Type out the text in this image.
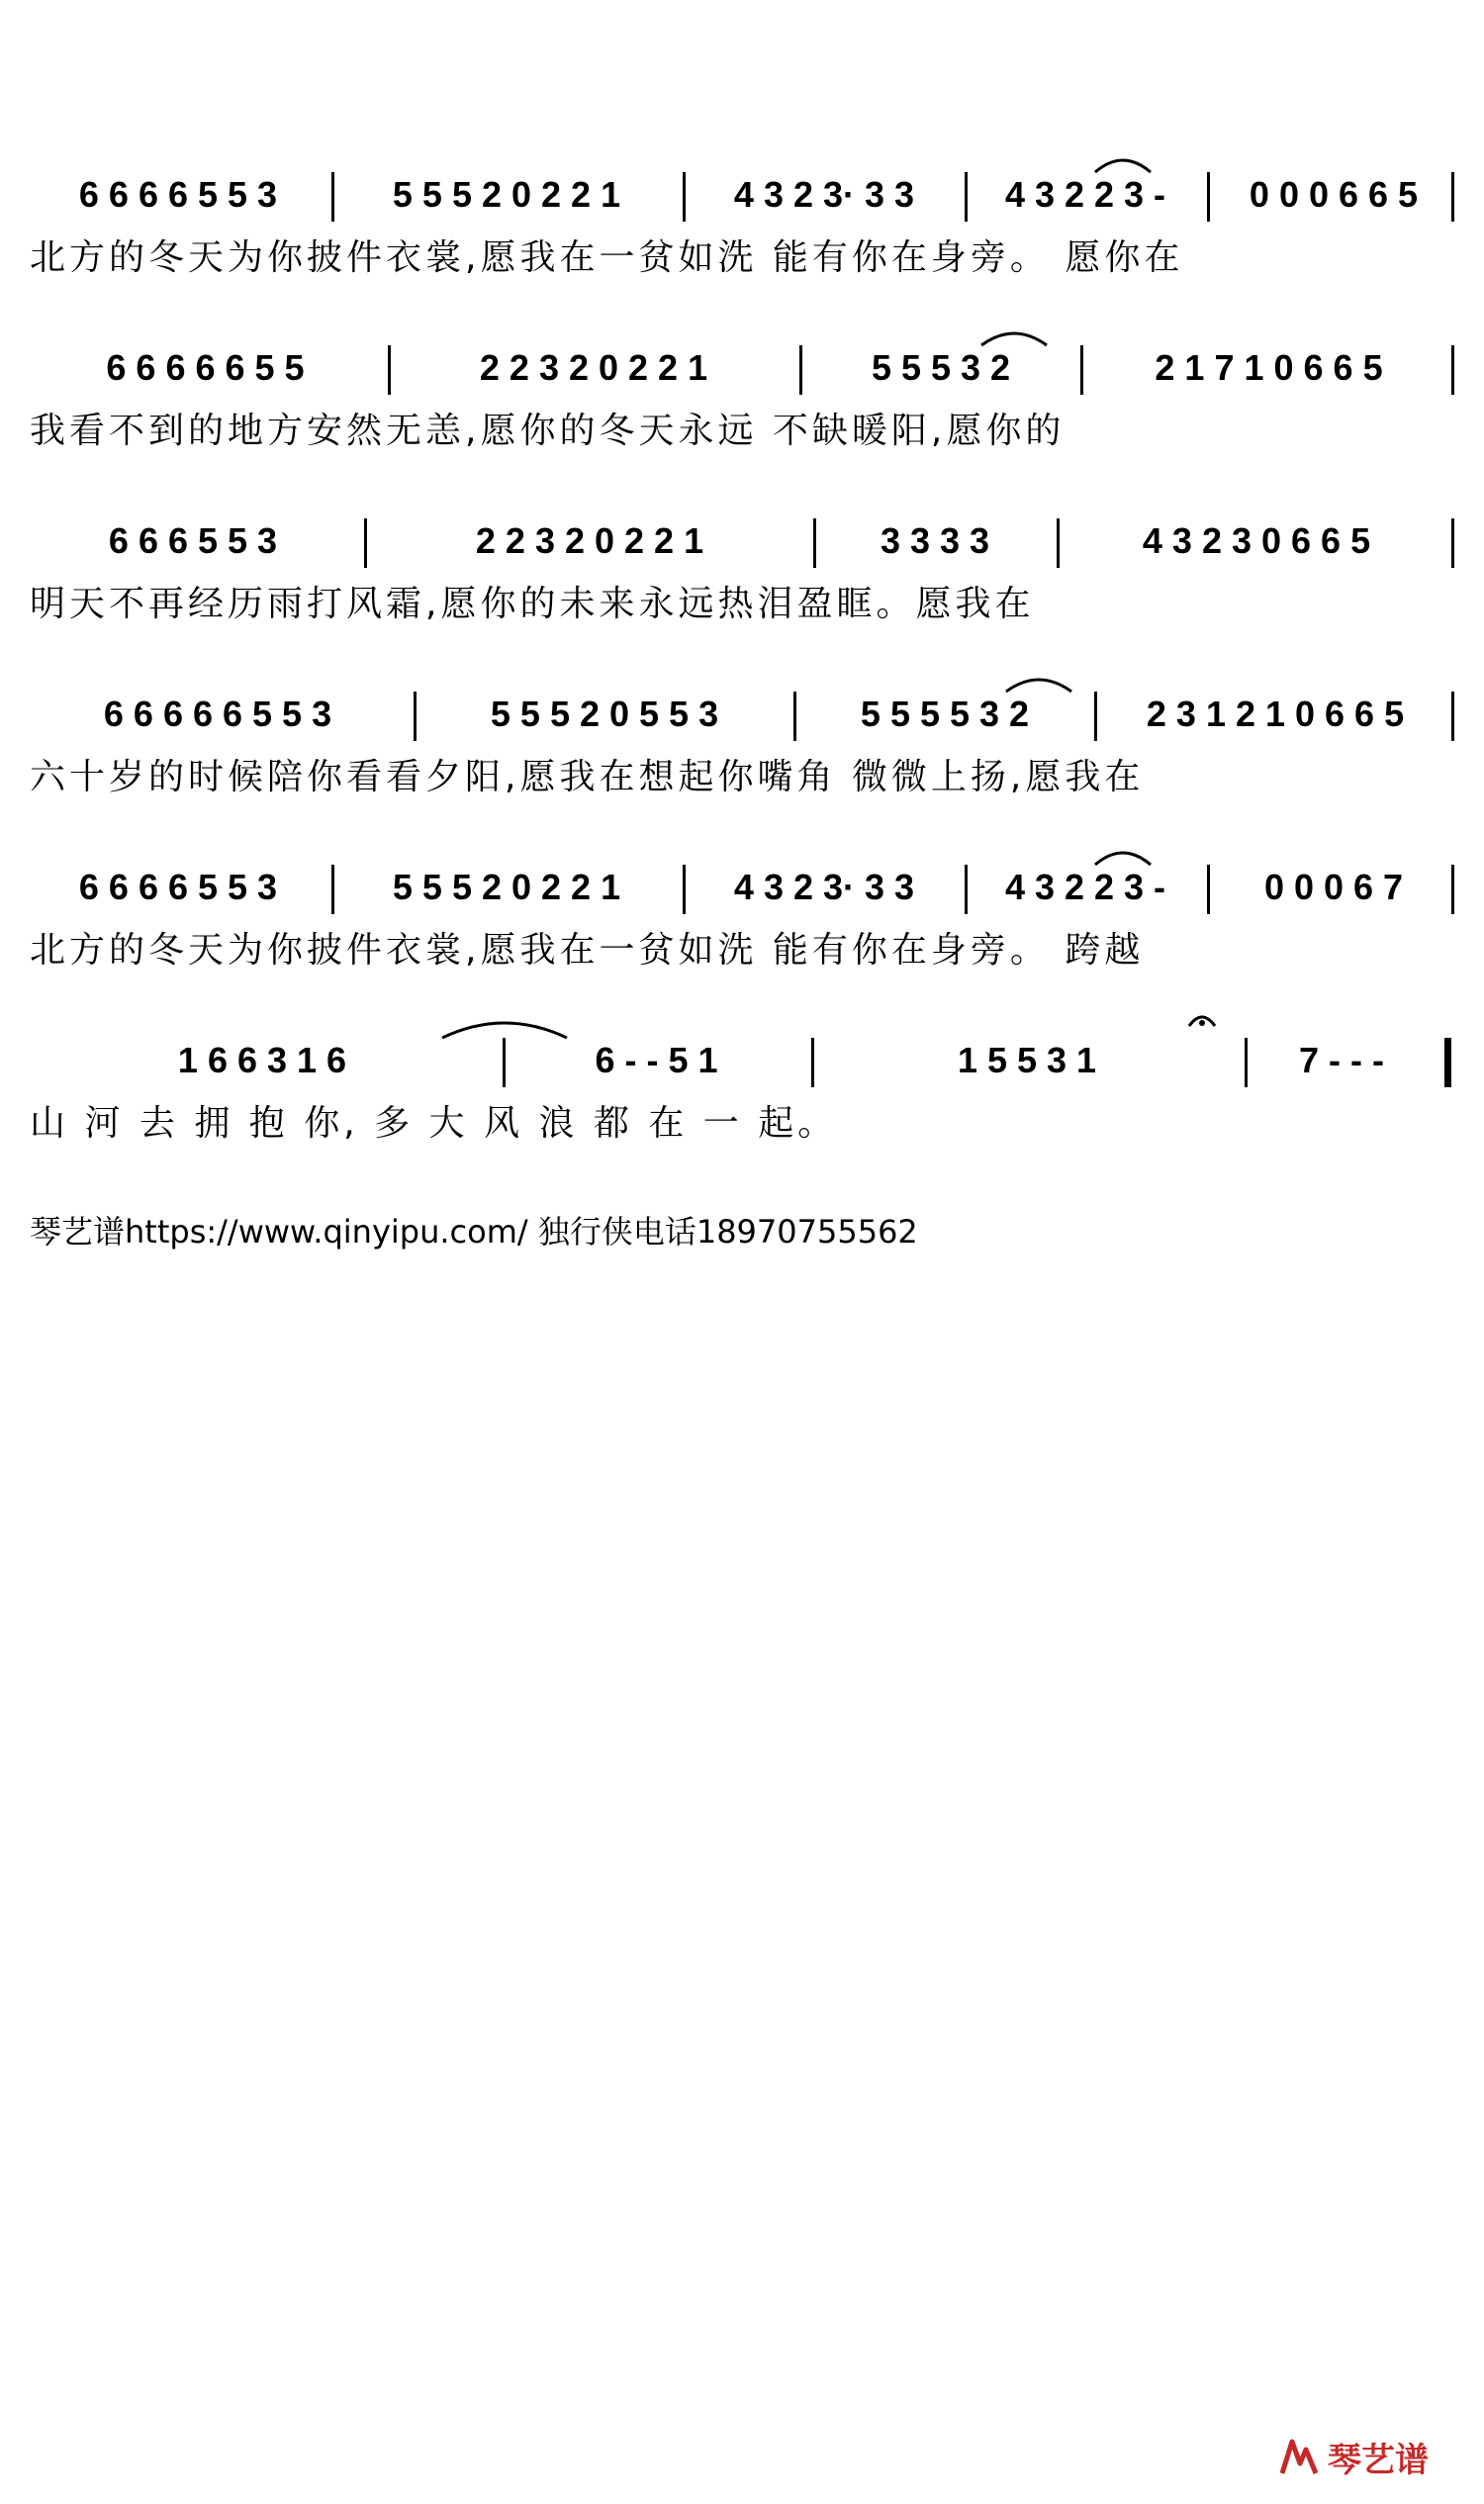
6 6 6 6 5 5 3	5 5 5 2 0 2 2 1	4 3 2 3· 3 3	4 3 2 2 3 -	0 0 0 6 6 5
北方的冬天为你披件衣裳,愿我在一贫如洗 能有你在身旁。 愿你在
6 6 6 6 6 5 5	2 2 3 2 0 2 2 1	5 5 5 3 2	2 1 7 1 0 6 6 5
我看不到的地方安然无恙,愿你的冬天永远 不缺暖阳,愿你的
6 6 6 5 5 3	2 2 3 2 0 2 2 1	3 3 3 3	4 3 2 3 0 6 6 5
明天不再经历雨打风霜,愿你的未来永远热泪盈眶。愿我在
6 6 6 6 6 5 5 3	5 5 5 2 0 5 5 3	5 5 5 5 3 2	2 3 1 2 1 0 6 6 5
六十岁的时候陪你看看夕阳,愿我在想起你嘴角 微微上扬,愿我在
6 6 6 6 5 5 3	5 5 5 2 0 2 2 1	4 3 2 3· 3 3	4 3 2 2 3 -	0 0 0 6 7
北方的冬天为你披件衣裳,愿我在一贫如洗 能有你在身旁。 跨越
1 6 6 3 1 6	6 - - 5 1	1 5 5 3 1	7 - - -
山 河 去 拥 抱 你, 多 大 风 浪 都 在 一 起。
琴艺谱https://www.qinyipu.com/ 独行侠电话18970755562
琴艺谱
